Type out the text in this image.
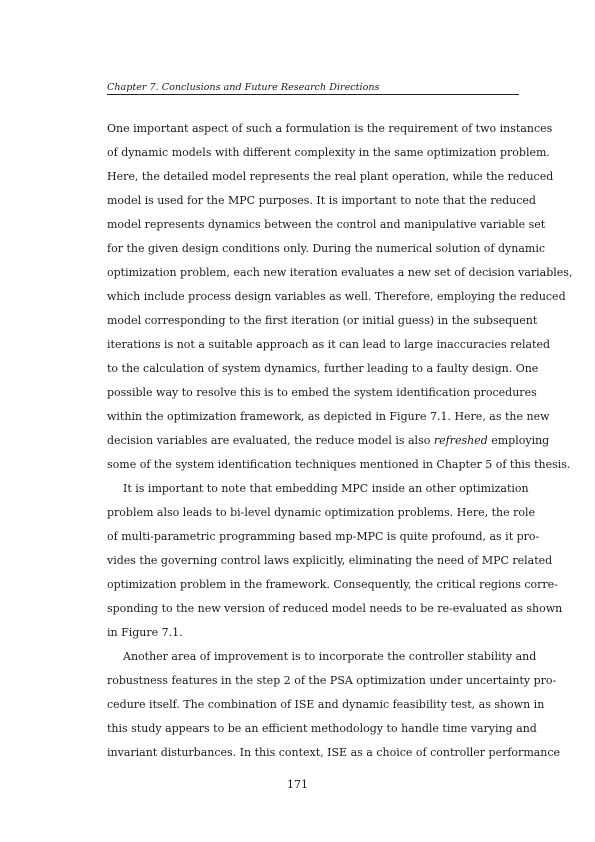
Chapter 7. Conclusions and Future Research Directions
One important aspect of such a formulation is the requirement of two instances
of dynamic models with different complexity in the same optimization problem.
Here, the detailed model represents the real plant operation, while the reduced
model is used for the MPC purposes. It is important to note that the reduced
model represents dynamics between the control and manipulative variable set
for the given design conditions only. During the numerical solution of dynamic
optimization problem, each new iteration evaluates a new set of decision variables,
which include process design variables as well. Therefore, employing the reduced
model corresponding to the first iteration (or initial guess) in the subsequent
iterations is not a suitable approach as it can lead to large inaccuracies related
to the calculation of system dynamics, further leading to a faulty design. One
possible way to resolve this is to embed the system identification procedures
within the optimization framework, as depicted in Figure 7.1. Here, as the new
decision variables are evaluated, the reduce model is also refreshed employing
some of the system identification techniques mentioned in Chapter 5 of this thesis.
It is important to note that embedding MPC inside an other optimization
problem also leads to bi-level dynamic optimization problems. Here, the role
of multi-parametric programming based mp-MPC is quite profound, as it pro-
vides the governing control laws explicitly, eliminating the need of MPC related
optimization problem in the framework. Consequently, the critical regions corre-
sponding to the new version of reduced model needs to be re-evaluated as shown
in Figure 7.1.
Another area of improvement is to incorporate the controller stability and
robustness features in the step 2 of the PSA optimization under uncertainty pro-
cedure itself. The combination of ISE and dynamic feasibility test, as shown in
this study appears to be an efficient methodology to handle time varying and
invariant disturbances. In this context, ISE as a choice of controller performance
171
